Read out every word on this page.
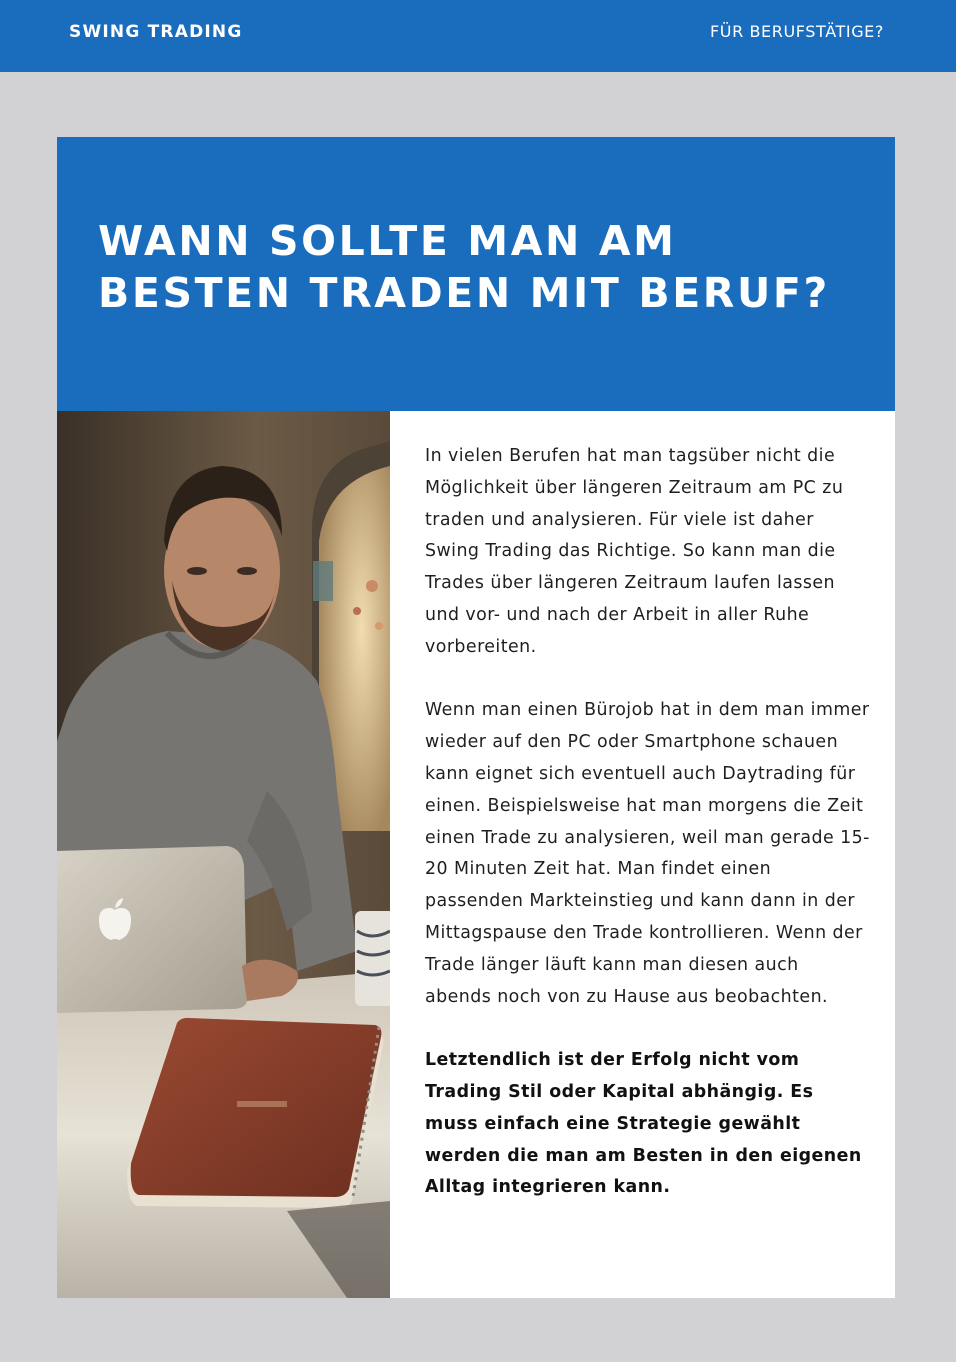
SWING TRADING	FÜR BERUFSTÄTIGE?
WANN SOLLTE MAN AM BESTEN TRADEN MIT BERUF?

In vielen Berufen hat man tagsüber nicht die Möglichkeit über längeren Zeitraum am PC zu traden und analysieren. Für viele ist daher Swing Trading das Richtige. So kann man die Trades über längeren Zeitraum laufen lassen und vor- und nach der Arbeit in aller Ruhe vorbereiten.

Wenn man einen Bürojob hat in dem man immer wieder auf den PC oder Smartphone schauen kann eignet sich eventuell auch Daytrading für einen. Beispielsweise hat man morgens die Zeit einen Trade zu analysieren, weil man gerade 15-20 Minuten Zeit hat. Man findet einen passenden Markteinstieg und kann dann in der Mittagspause den Trade kontrollieren. Wenn der Trade länger läuft kann man diesen auch abends noch von zu Hause aus beobachten.

Letztendlich ist der Erfolg nicht vom Trading Stil oder Kapital abhängig. Es muss einfach eine Strategie gewählt werden die man am Besten in den eigenen Alltag integrieren kann.
